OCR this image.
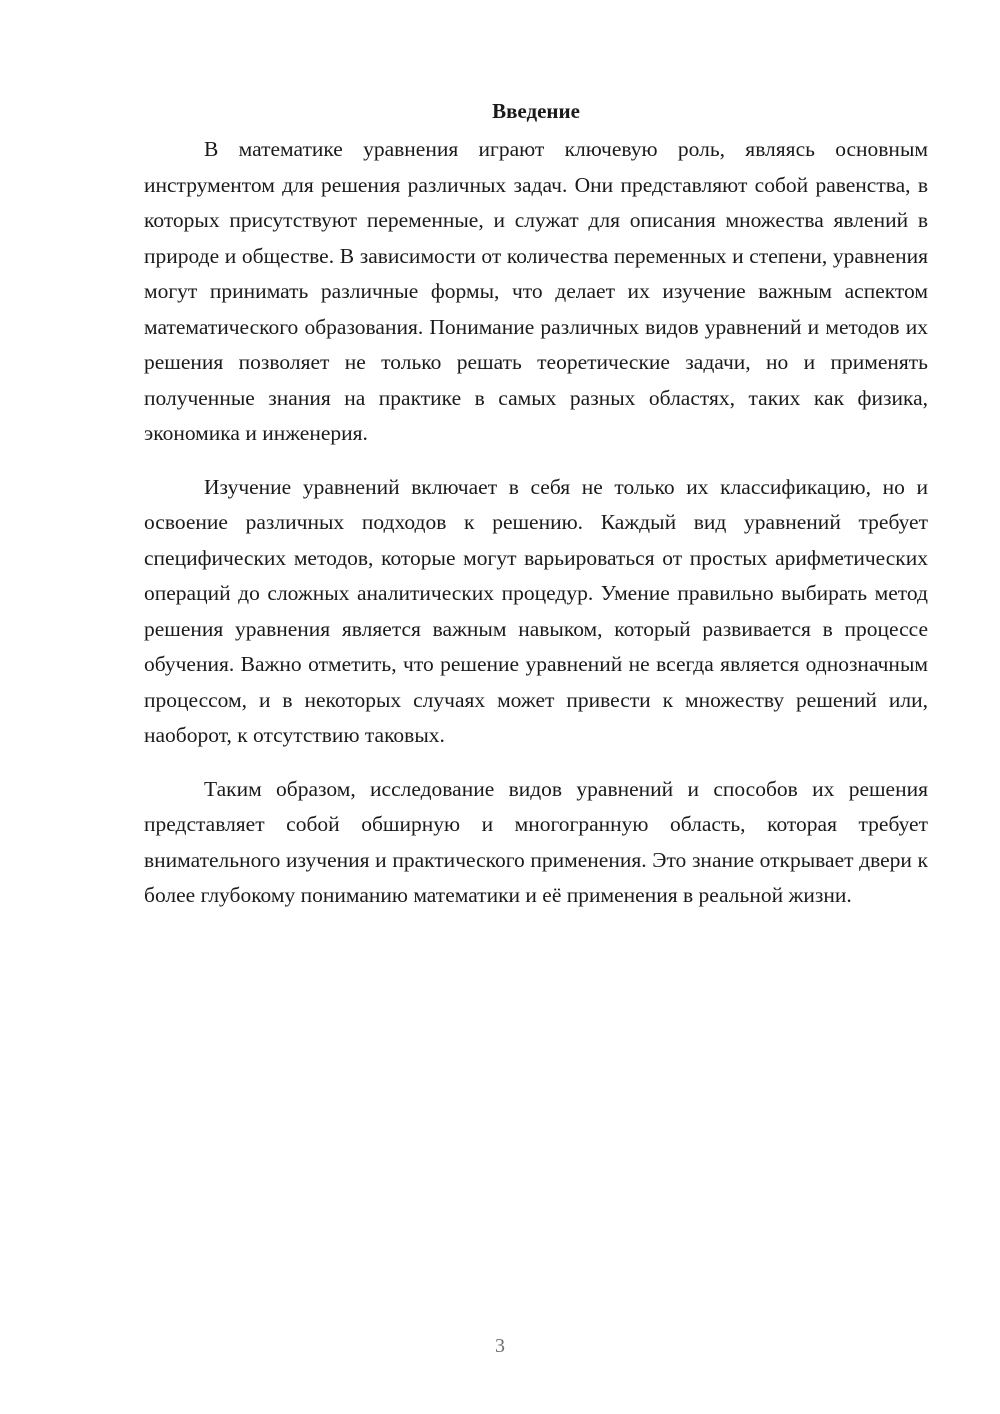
Введение

В математике уравнения играют ключевую роль, являясь основным инструментом для решения различных задач. Они представляют собой равенства, в которых присутствуют переменные, и служат для описания множества явлений в природе и обществе. В зависимости от количества переменных и степени, уравнения могут принимать различные формы, что делает их изучение важным аспектом математического образования. Понимание различных видов уравнений и методов их решения позволяет не только решать теоретические задачи, но и применять полученные знания на практике в самых разных областях, таких как физика, экономика и инженерия.

Изучение уравнений включает в себя не только их классификацию, но и освоение различных подходов к решению. Каждый вид уравнений требует специфических методов, которые могут варьироваться от простых арифметических операций до сложных аналитических процедур. Умение правильно выбирать метод решения уравнения является важным навыком, который развивается в процессе обучения. Важно отметить, что решение уравнений не всегда является однозначным процессом, и в некоторых случаях может привести к множеству решений или, наоборот, к отсутствию таковых.

Таким образом, исследование видов уравнений и способов их решения представляет собой обширную и многогранную область, которая требует внимательного изучения и практического применения. Это знание открывает двери к более глубокому пониманию математики и её применения в реальной жизни.

3
